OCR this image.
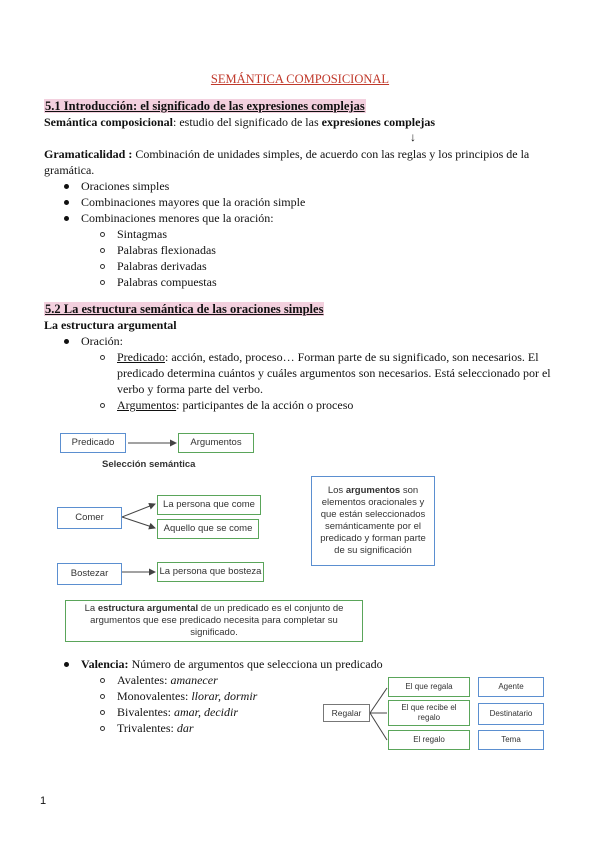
SEMÁNTICA COMPOSICIONAL
5.1 Introducción: el significado de las expresiones complejas
Semántica composicional: estudio del significado de las expresiones complejas
↓
Gramaticalidad : Combinación de unidades simples, de acuerdo con las reglas y los principios de la
gramática.
Oraciones simples
Combinaciones mayores que la oración simple
Combinaciones menores que la oración:
Sintagmas
Palabras flexionadas
Palabras derivadas
Palabras compuestas
5.2 La estructura semántica de las oraciones simples
La estructura argumental
Oración:
Predicado: acción, estado, proceso… Forman parte de su significado, son necesarios. El
predicado determina cuántos y cuáles argumentos son necesarios. Está seleccionado por el
verbo y forma parte del verbo.
Argumentos: participantes de la acción o proceso
Predicado	Argumentos
Selección semántica
Comer
La persona que come
Aquello que se come
Bostezar	La persona que bosteza
Los argumentos son elementos oracionales y que están seleccionados semánticamente por el predicado y forman parte de su significación
La estructura argumental de un predicado es el conjunto de argumentos que ese predicado necesita para completar su significado.
Valencia: Número de argumentos que selecciona un predicado
Avalentes: amanecer
Monovalentes: llorar, dormir
Bivalentes: amar, decidir
Trivalentes: dar
Regalar
El que regala
El que recibe el regalo
El regalo
Agente
Destinatario
Tema
1
